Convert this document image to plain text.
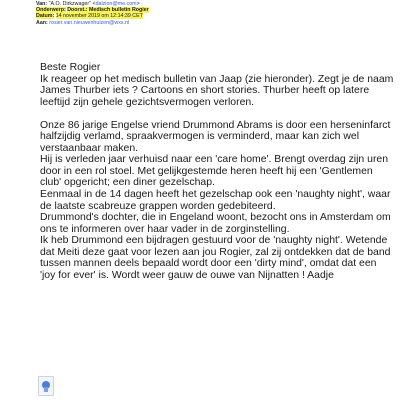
Van: "A.O. Dirkzwager" <dalzion@me.com>
Onderwerp: Doorst.: Medisch bulletin Rogier
Datum: 14 november 2019 om 12:14:39 CET
Aan: rosier.van.nieuwenhuizen@wxs.nl

Beste Rogier

Ik reageer op het medisch bulletin van Jaap (zie hieronder). Zegt je de naam James Thurber iets ? Cartoons en short stories. Thurber heeft op latere leeftijd zijn gehele gezichtsvermogen verloren.

Onze 86 jarige Engelse vriend Drummond Abrams is door een herseninfarct halfzijdig verlamd, spraakvermogen is verminderd, maar kan zich wel verstaanbaar maken.

Hij is verleden jaar verhuisd naar een 'care home'. Brengt overdag zijn uren door in een rol stoel. Met gelijkgestemde heren heeft hij een 'Gentlemen club' opgericht; een diner gezelschap.

Eenmaal in de 14 dagen heeft het gezelschap ook een 'naughty night', waar de laatste scabreuze grappen worden gedebiteerd.

Drummond's dochter, die in Engeland woont, bezocht ons in Amsterdam om ons te informeren over haar vader in de zorginstelling.

Ik heb Drummond een bijdragen gestuurd voor de 'naughty night'. Wetende dat Meiti deze gaat voor lezen aan jou Rogier, zal zij ontdekken dat de band tussen mannen deels bepaald wordt door een 'dirty mind', omdat dat een 'joy for ever' is. Wordt weer gauw de ouwe van Nijnatten ! Aadje
